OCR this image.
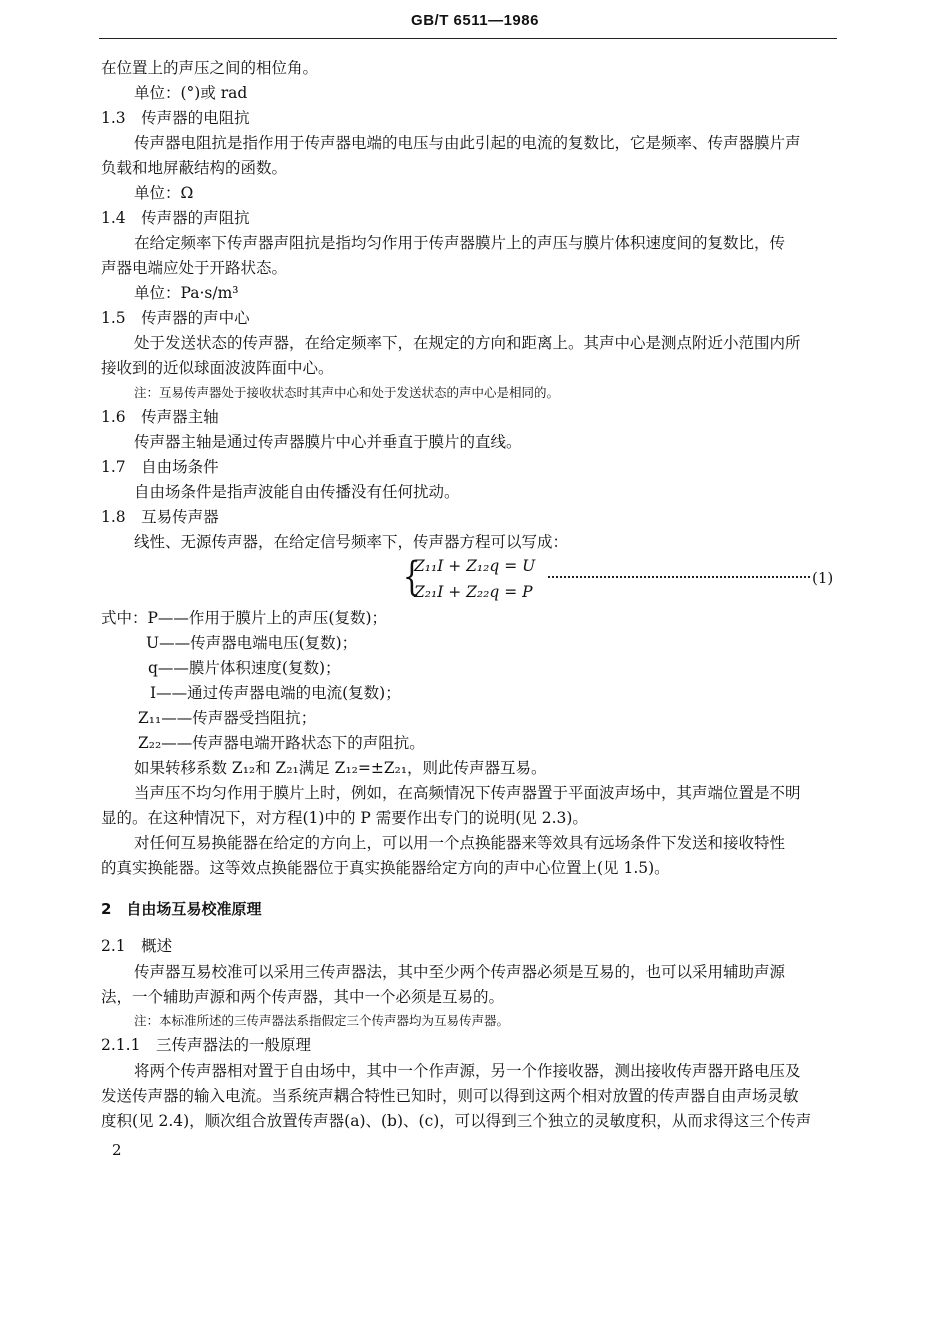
GB/T 6511—1986
在位置上的声压之间的相位角。
单位：(°)或 rad
1.3　传声器的电阻抗
传声器电阻抗是指作用于传声器电端的电压与由此引起的电流的复数比，它是频率、传声器膜片声
负载和地屏蔽结构的函数。
单位：Ω
1.4　传声器的声阻抗
在给定频率下传声器声阻抗是指均匀作用于传声器膜片上的声压与膜片体积速度间的复数比，传
声器电端应处于开路状态。
单位：Pa·s/m³
1.5　传声器的声中心
处于发送状态的传声器，在给定频率下，在规定的方向和距离上。其声中心是测点附近小范围内所
接收到的近似球面波波阵面中心。
注：互易传声器处于接收状态时其声中心和处于发送状态的声中心是相同的。
1.6　传声器主轴
传声器主轴是通过传声器膜片中心并垂直于膜片的直线。
1.7　自由场条件
自由场条件是指声波能自由传播没有任何扰动。
1.8　互易传声器
线性、无源传声器，在给定信号频率下，传声器方程可以写成：
{
Z₁₁I + Z₁₂q = U
Z₂₁I + Z₂₂q = P
(1)
式中：P——作用于膜片上的声压(复数)；
U——传声器电端电压(复数)；
q——膜片体积速度(复数)；
I——通过传声器电端的电流(复数)；
Z₁₁——传声器受挡阻抗；
Z₂₂——传声器电端开路状态下的声阻抗。
如果转移系数 Z₁₂和 Z₂₁满足 Z₁₂=±Z₂₁，则此传声器互易。
当声压不均匀作用于膜片上时，例如，在高频情况下传声器置于平面波声场中，其声端位置是不明
显的。在这种情况下，对方程(1)中的 P 需要作出专门的说明(见 2.3)。
对任何互易换能器在给定的方向上，可以用一个点换能器来等效具有远场条件下发送和接收特性
的真实换能器。这等效点换能器位于真实换能器给定方向的声中心位置上(见 1.5)。
2　自由场互易校准原理
2.1　概述
传声器互易校准可以采用三传声器法，其中至少两个传声器必须是互易的，也可以采用辅助声源
法，一个辅助声源和两个传声器，其中一个必须是互易的。
注：本标准所述的三传声器法系指假定三个传声器均为互易传声器。
2.1.1　三传声器法的一般原理
将两个传声器相对置于自由场中，其中一个作声源，另一个作接收器，测出接收传声器开路电压及
发送传声器的输入电流。当系统声耦合特性已知时，则可以得到这两个相对放置的传声器自由声场灵敏
度积(见 2.4)，顺次组合放置传声器(a)、(b)、(c)，可以得到三个独立的灵敏度积，从而求得这三个传声
2
